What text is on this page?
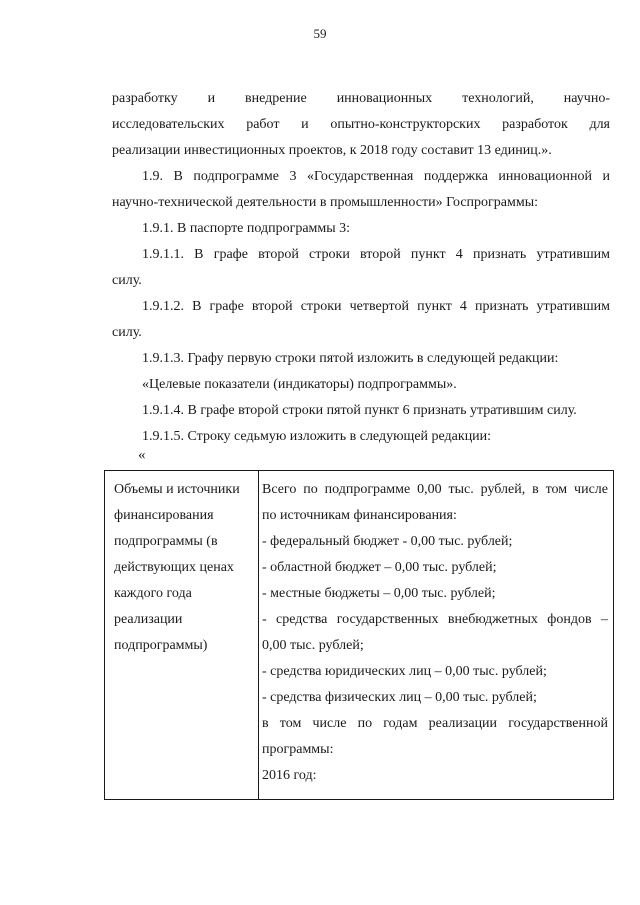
59
разработку и внедрение инновационных технологий, научно-
исследовательских работ и опытно-конструкторских разработок для
реализации инвестиционных проектов, к 2018 году составит 13 единиц.».
1.9. В подпрограмме 3 «Государственная поддержка инновационной и
научно-технической деятельности в промышленности» Госпрограммы:
1.9.1. В паспорте подпрограммы 3:
1.9.1.1. В графе второй строки второй пункт 4 признать утратившим
силу.
1.9.1.2. В графе второй строки четвертой пункт 4 признать утратившим
силу.
1.9.1.3. Графу первую строки пятой изложить в следующей редакции:
«Целевые показатели (индикаторы) подпрограммы».
1.9.1.4. В графе второй строки пятой пункт 6 признать утратившим силу.
1.9.1.5. Строку седьмую изложить в следующей редакции:
«
Объемы и источники
финансирования
подпрограммы (в
действующих ценах
каждого года
реализации
подпрограммы)
Всего по подпрограмме 0,00 тыс. рублей, в том числе
по источникам финансирования:
- федеральный бюджет - 0,00 тыс. рублей;
- областной бюджет – 0,00 тыс. рублей;
- местные бюджеты – 0,00 тыс. рублей;
- средства государственных внебюджетных фондов –
0,00 тыс. рублей;
- средства юридических лиц – 0,00 тыс. рублей;
- средства физических лиц – 0,00 тыс. рублей;
в том числе по годам реализации государственной
программы:
2016 год:
